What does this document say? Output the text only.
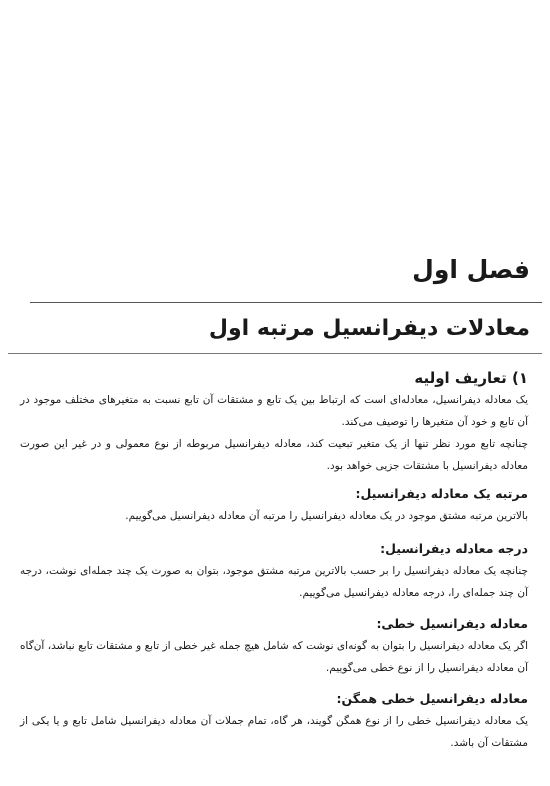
فصل اول
معادلات دیفرانسیل مرتبه اول
۱) تعاریف اولیه

یک معادله دیفرانسیل، معادله‌ای است که ارتباط بین یک تابع و مشتقات آن تابع نسبت به متغیرهای مختلف موجود در آن تابع و خود آن متغیرها را توصیف می‌کند.

چنانچه تابع مورد نظر تنها از یک متغیر تبعیت کند، معادله دیفرانسیل مربوطه از نوع معمولی و در غیر این صورت معادله دیفرانسیل با مشتقات جزیی خواهد بود.

مرتبه یک معادله دیفرانسیل:

بالاترین مرتبه مشتق موجود در یک معادله دیفرانسیل را مرتبه آن معادله دیفرانسیل می‌گوییم.

درجه معادله دیفرانسیل:

چنانچه یک معادله دیفرانسیل را بر حسب بالاترین مرتبه مشتق موجود، بتوان به صورت یک چند جمله‌ای نوشت، درجه آن چند جمله‌ای را، درجه معادله دیفرانسیل می‌گوییم.

معادله دیفرانسیل خطی:

اگر یک معادله دیفرانسیل را بتوان به گونه‌ای نوشت که شامل هیچ جمله غیر خطی از تابع و مشتقات تابع نباشد، آن‌گاه آن معادله دیفرانسیل را از نوع خطی می‌گوییم.

معادله دیفرانسیل خطی همگن:

یک معادله دیفرانسیل خطی را از نوع همگن گویند، هر گاه، تمام جملات آن معادله دیفرانسیل شامل تابع و یا یکی از مشتقات آن باشد.
